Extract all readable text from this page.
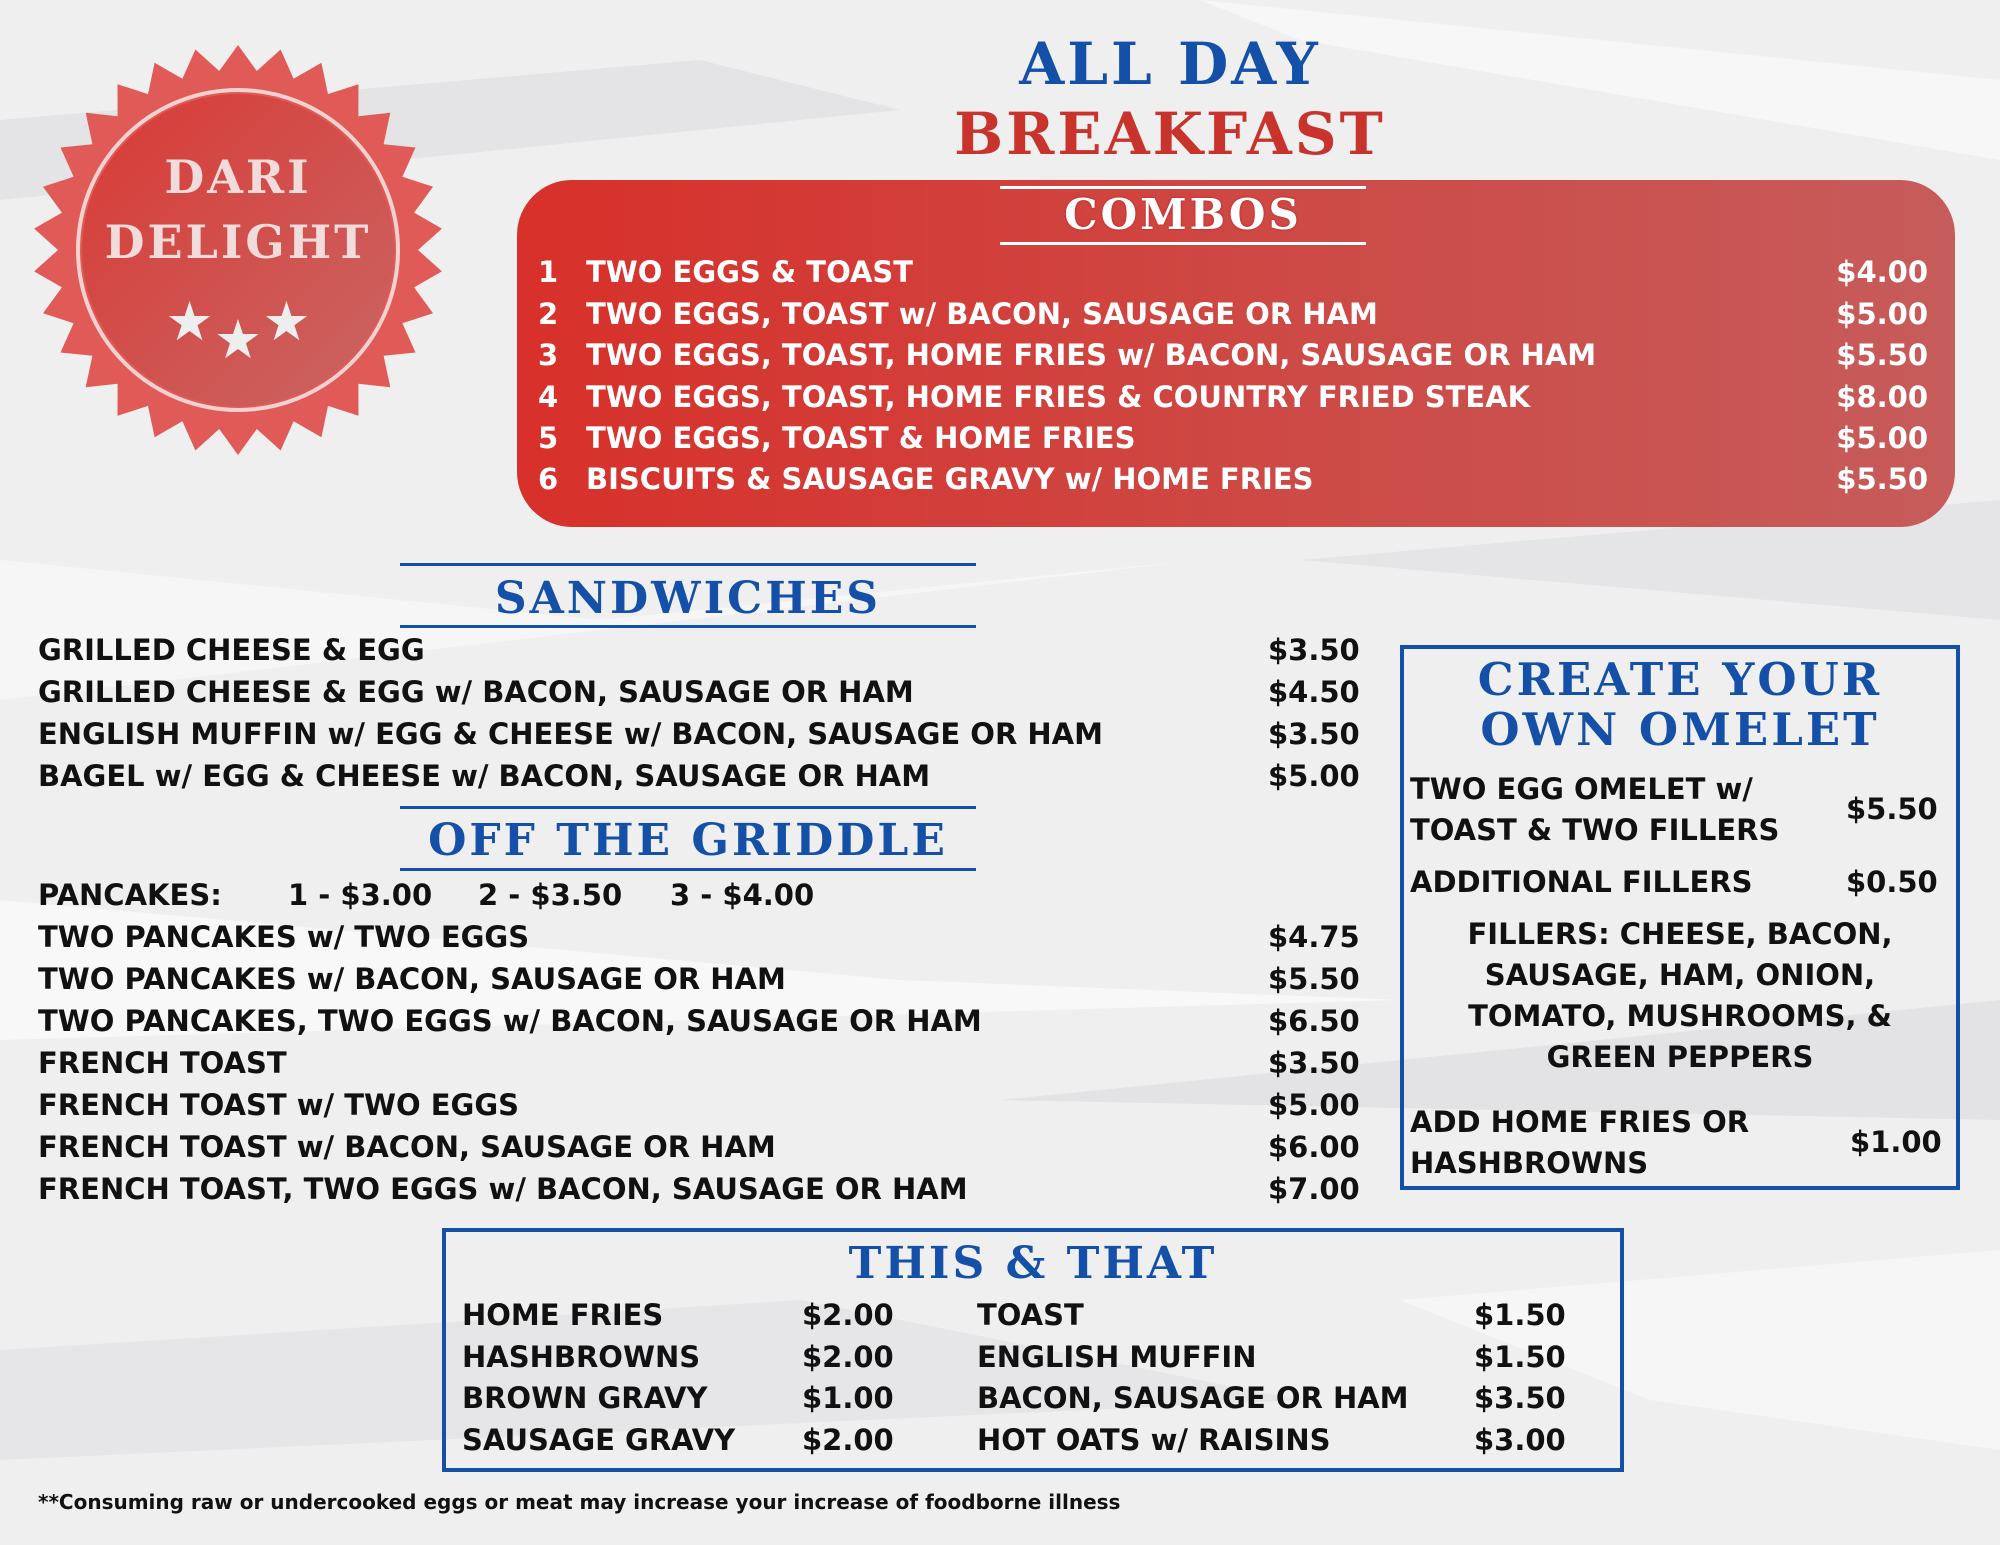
DARI
DELIGHT
★★★
ALL DAY
BREAKFAST
COMBOS
1 TWO EGGS & TOAST	$4.00
2 TWO EGGS, TOAST w/ BACON, SAUSAGE OR HAM	$5.00
3 TWO EGGS, TOAST, HOME FRIES w/ BACON, SAUSAGE OR HAM	$5.50
4 TWO EGGS, TOAST, HOME FRIES & COUNTRY FRIED STEAK	$8.00
5 TWO EGGS, TOAST & HOME FRIES	$5.00
6 BISCUITS & SAUSAGE GRAVY w/ HOME FRIES	$5.50
SANDWICHES
GRILLED CHEESE & EGG	$3.50
GRILLED CHEESE & EGG w/ BACON, SAUSAGE OR HAM	$4.50
ENGLISH MUFFIN w/ EGG & CHEESE w/ BACON, SAUSAGE OR HAM	$3.50
BAGEL w/ EGG & CHEESE w/ BACON, SAUSAGE OR HAM	$5.00
OFF THE GRIDDLE
PANCAKES: 1 - $3.00 2 - $3.50 3 - $4.00
TWO PANCAKES w/ TWO EGGS	$4.75
TWO PANCAKES w/ BACON, SAUSAGE OR HAM	$5.50
TWO PANCAKES, TWO EGGS w/ BACON, SAUSAGE OR HAM	$6.50
FRENCH TOAST	$3.50
FRENCH TOAST w/ TWO EGGS	$5.00
FRENCH TOAST w/ BACON, SAUSAGE OR HAM	$6.00
FRENCH TOAST, TWO EGGS w/ BACON, SAUSAGE OR HAM	$7.00
CREATE YOUR
OWN OMELET
TWO EGG OMELET w/
TOAST & TWO FILLERS
$5.50
ADDITIONAL FILLERS	$0.50
FILLERS: CHEESE, BACON,
SAUSAGE, HAM, ONION,
TOMATO, MUSHROOMS, &
GREEN PEPPERS
ADD HOME FRIES OR
HASHBROWNS
$1.00
THIS & THAT
HOME FRIES	$2.00
HASHBROWNS	$2.00
BROWN GRAVY	$1.00
SAUSAGE GRAVY $2.00
TOAST	$1.50
ENGLISH MUFFIN	$1.50
BACON, SAUSAGE OR HAM $3.50
HOT OATS w/ RAISINS	$3.00
**Consuming raw or undercooked eggs or meat may increase your increase of foodborne illness
